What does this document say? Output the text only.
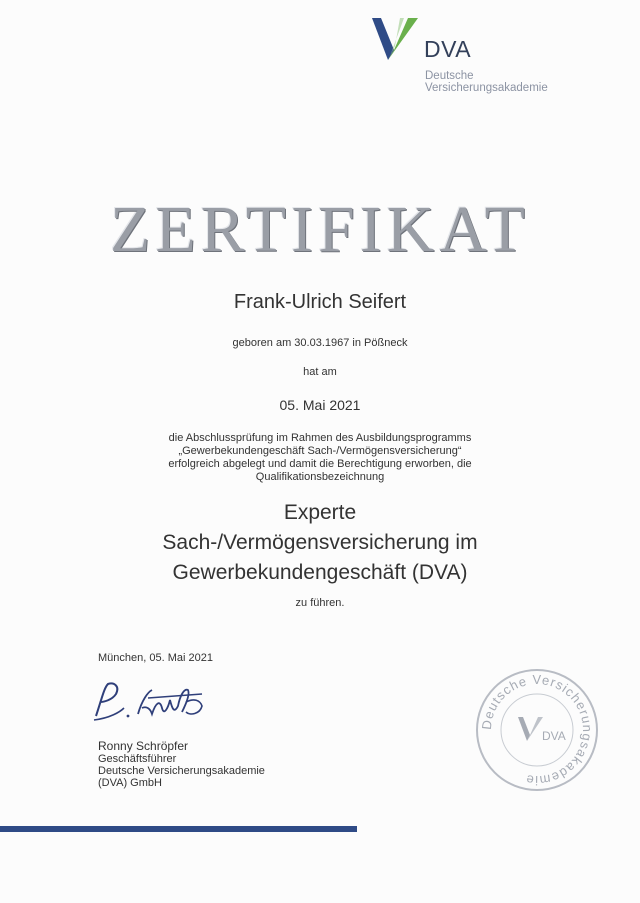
DVA
Deutsche
Versicherungsakademie
ZERTIFIKAT
Frank-Ulrich Seifert
geboren am 30.03.1967 in Pößneck
hat am
05. Mai 2021
die Abschlussprüfung im Rahmen des Ausbildungsprogramms
„Gewerbekundengeschäft Sach-/Vermögensversicherung“
erfolgreich abgelegt und damit die Berechtigung erworben, die
Qualifikationsbezeichnung
Experte
Sach-/Vermögensversicherung im
Gewerbekundengeschäft (DVA)
zu führen.
München, 05. Mai 2021
Ronny Schröpfer
Geschäftsführer
Deutsche Versicherungsakademie
(DVA) GmbH
Deutsche Versicherungsakademie
DVA
